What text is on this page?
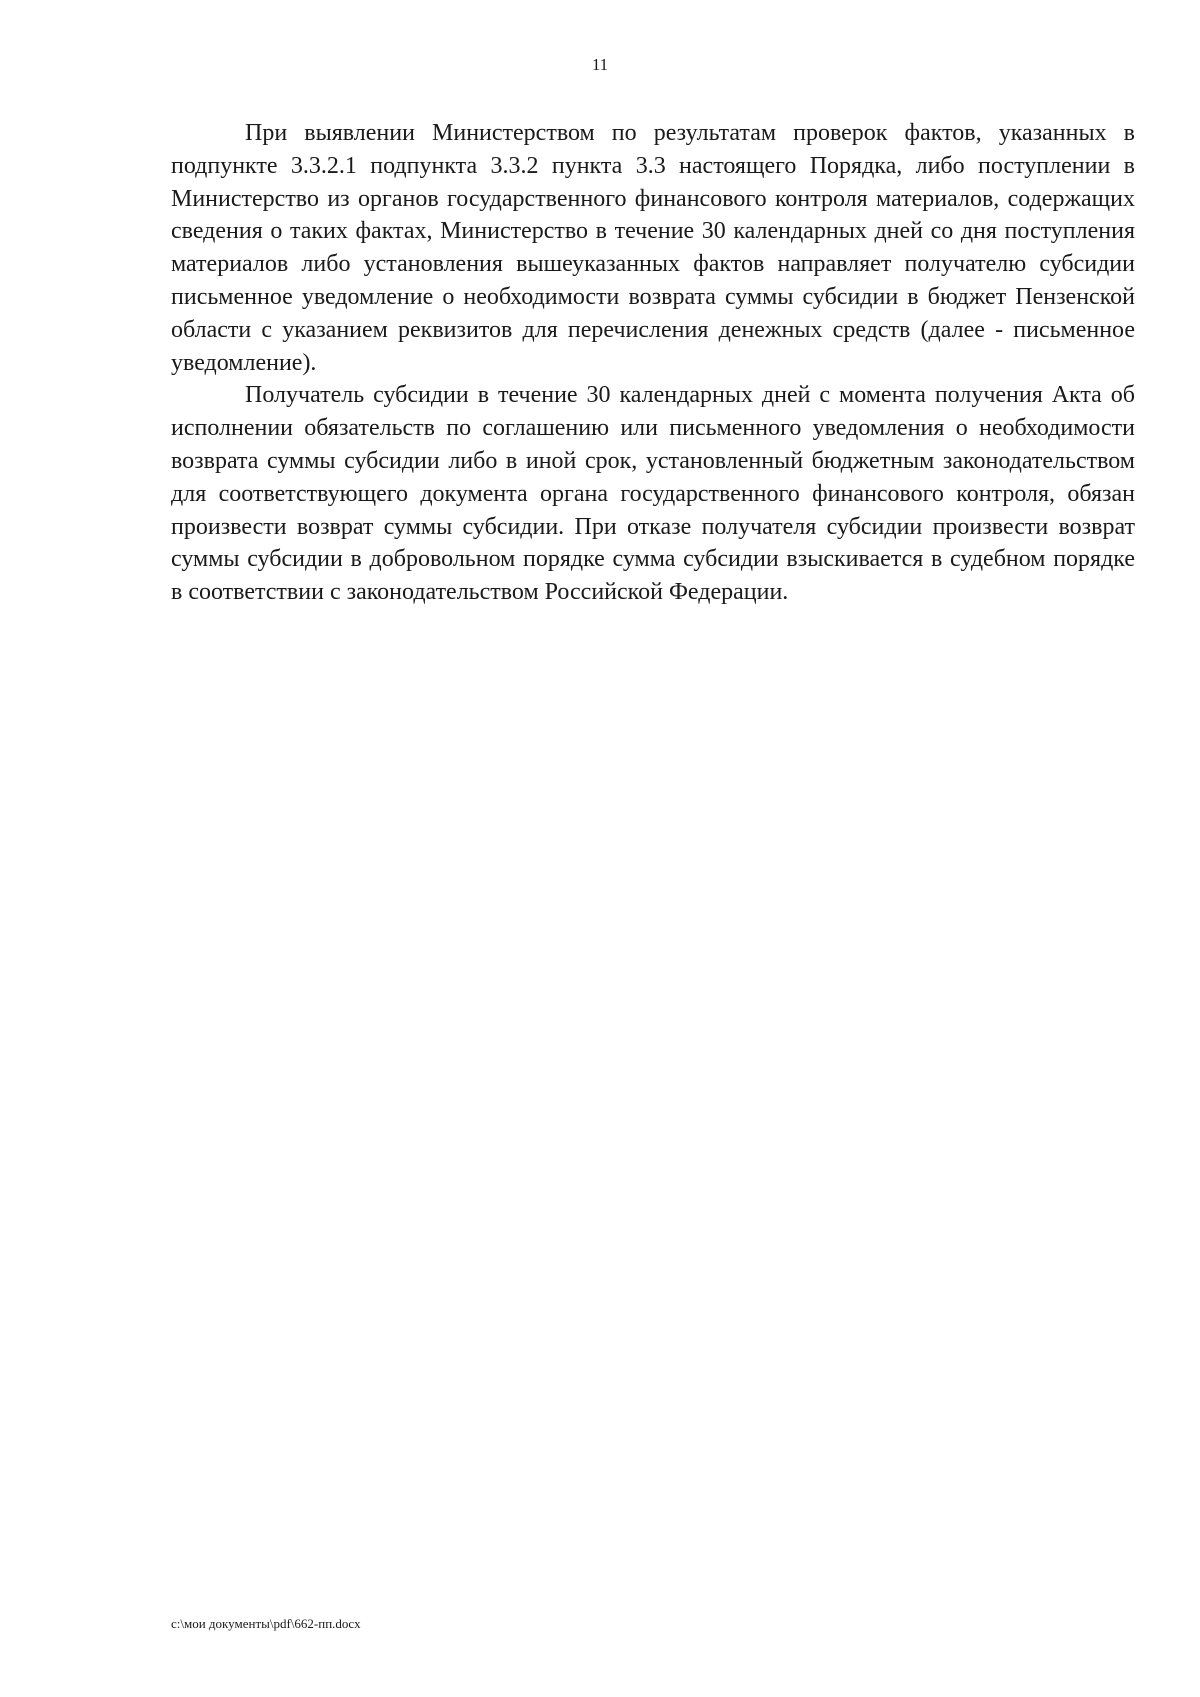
11

При выявлении Министерством по результатам проверок фактов, указанных в подпункте 3.3.2.1 подпункта 3.3.2 пункта 3.3 настоящего Порядка, либо поступлении в Министерство из органов государственного финансового контроля материалов, содержащих сведения о таких фактах, Министерство в течение 30 календарных дней со дня поступления материалов либо установления вышеуказанных фактов направляет получателю субсидии письменное уведомление о необходимости возврата суммы субсидии в бюджет Пензенской области с указанием реквизитов для перечисления денежных средств (далее - письменное уведомление).

Получатель субсидии в течение 30 календарных дней с момента получения Акта об исполнении обязательств по соглашению или письменного уведомления о необходимости возврата суммы субсидии либо в иной срок, установленный бюджетным законодательством для соответствующего документа органа государственного финансового контроля, обязан произвести возврат суммы субсидии. При отказе получателя субсидии произвести возврат суммы субсидии в добровольном порядке сумма субсидии взыскивается в судебном порядке в соответствии с законодательством Российской Федерации.

c:\мои документы\pdf\662-пп.docx
